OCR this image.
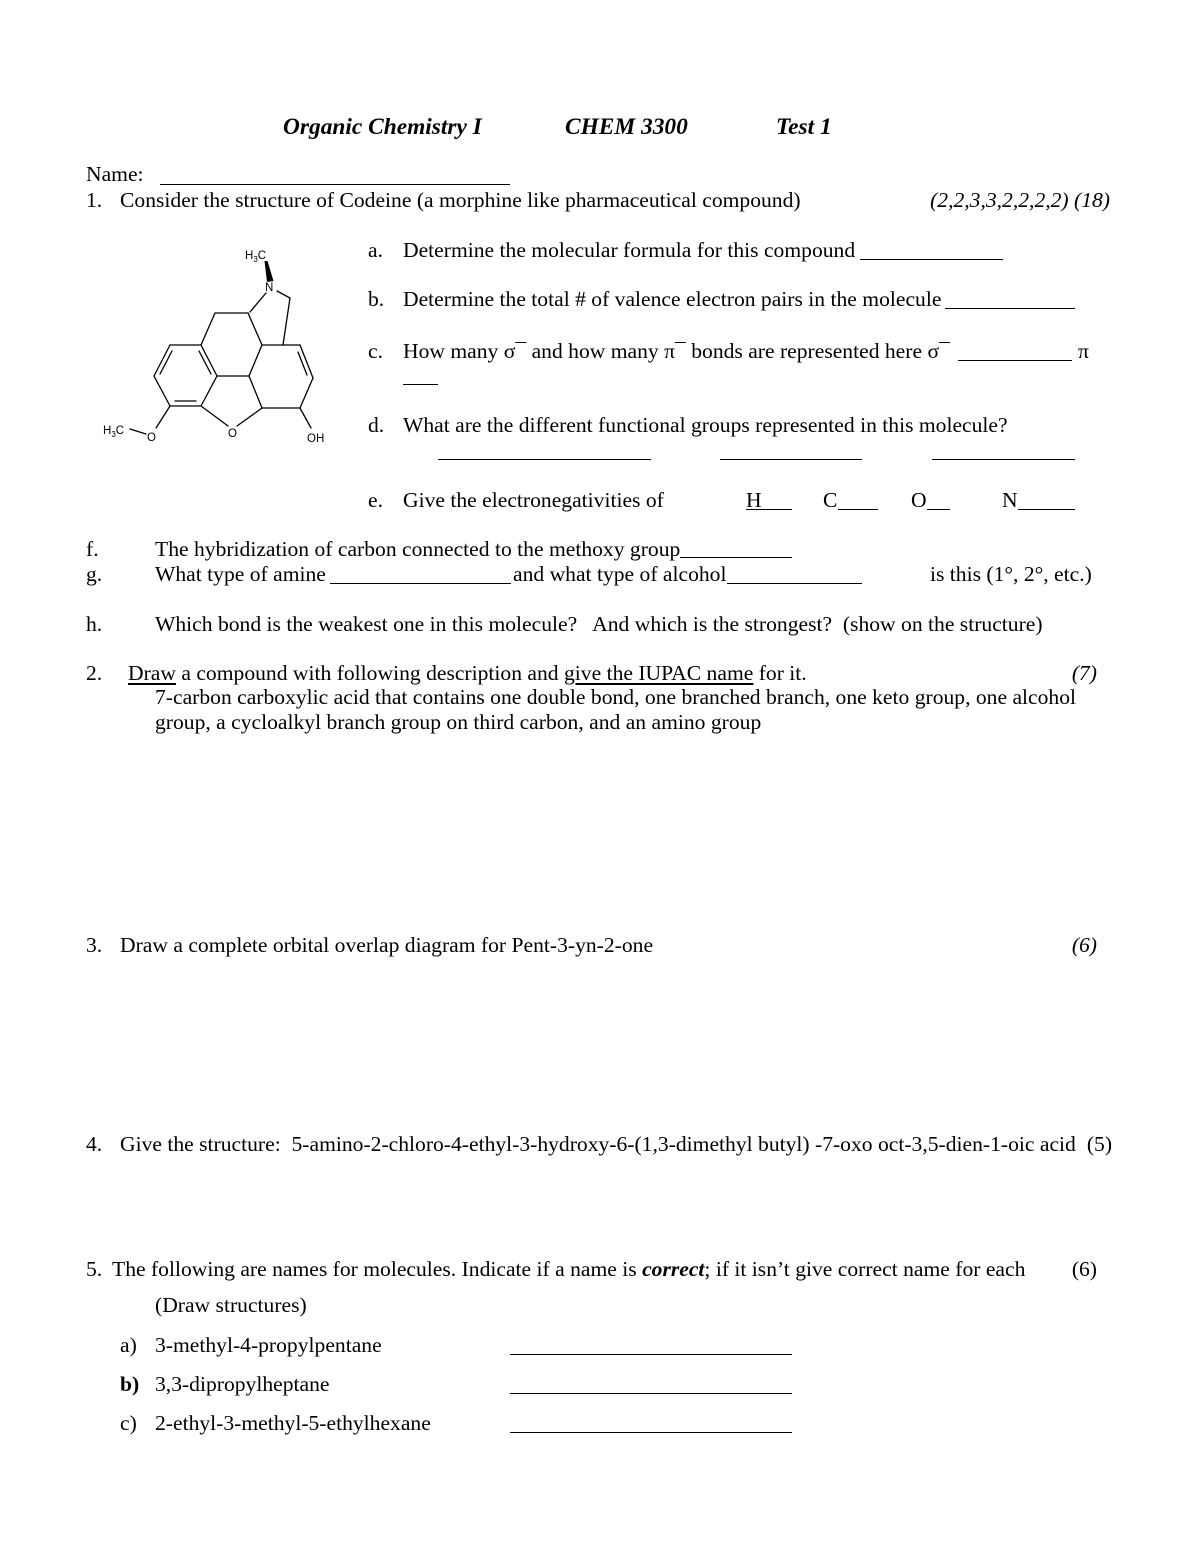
Organic Chemistry I	CHEM 3300	Test 1
Name:
1. Consider the structure of Codeine (a morphine like pharmaceutical compound)	(2,2,3,3,2,2,2,2) (18)
$H_3C$
N
$H_3C$
O	O	OH
a. Determine the molecular formula for this compound
b. Determine the total # of valence electron pairs in the molecule
c. How many σ¯ and how many π¯ bonds are represented here σ¯	π
d. What are the different functional groups represented in this molecule?
e. Give the electronegativities of	H	C	O	N
f.	The hybridization of carbon connected to the methoxy group
g. What type of amine	and what type of alcohol	is this (1°, 2°, etc.)
h. Which bond is the weakest one in this molecule?   And which is the strongest?  (show on the structure)
2. Draw a compound with following description and give the IUPAC name for it.	(7)
7-carbon carboxylic acid that contains one double bond, one branched branch, one keto group, one alcohol
group, a cycloalkyl branch group on third carbon, and an amino group
3. Draw a complete orbital overlap diagram for Pent-3-yn-2-one	(6)
4. Give the structure:  5-amino-2-chloro-4-ethyl-3-hydroxy-6-(1,3-dimethyl butyl) -7-oxo oct-3,5-dien-1-oic acid (5)
5. The following are names for molecules. Indicate if a name is correct; if it isn’t give correct name for each (6)
(Draw structures)
a) 3-methyl-4-propylpentane
b) 3,3-dipropylheptane
c) 2-ethyl-3-methyl-5-ethylhexane
